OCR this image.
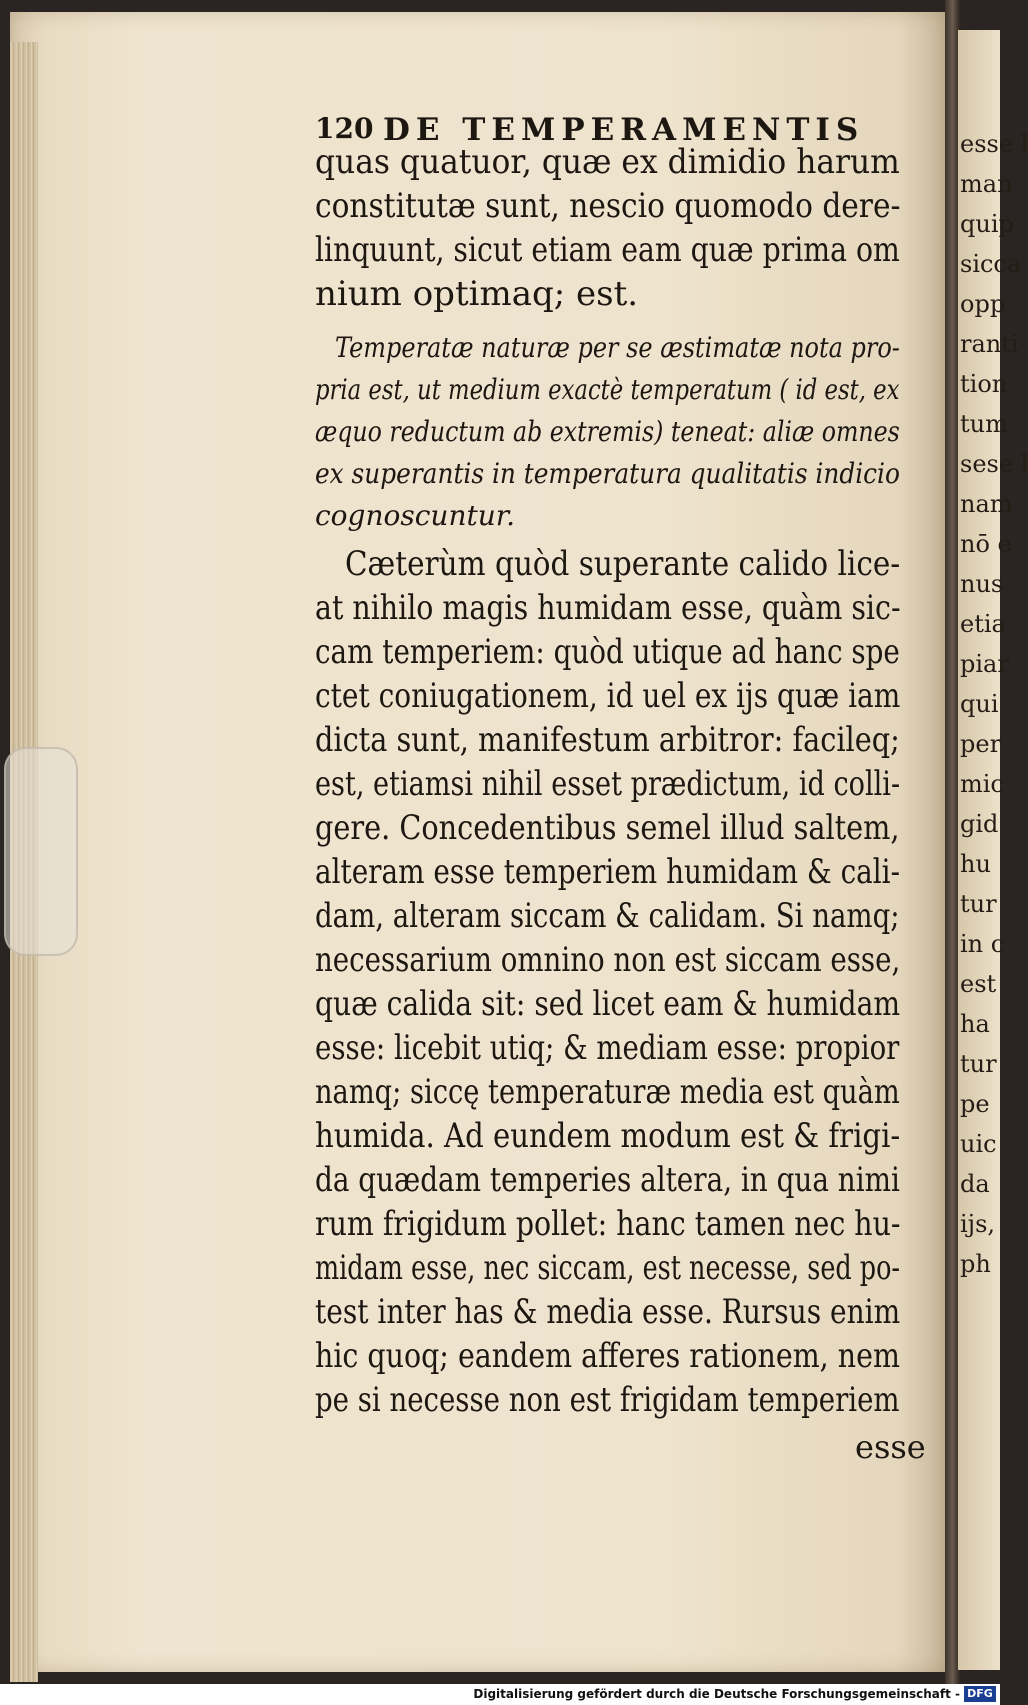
esse l
man
quip
sicca
opp
ranti
tion
tum
sese l
nam
nō e
nus
etia
piar
qui
per
mic
gid
hu
tur
in c
est
ha
tur
pe
uic
da
ijs,
ph
120 DE TEMPERAMENTIS
esse
quas quatuor, quæ ex dimidio harum
constitutæ sunt, nescio quomodo dere-
linquunt, sicut etiam eam quæ prima om
nium optimaq; est.
Temperatæ naturæ per se æstimatæ nota pro-
pria est, ut medium exactè temperatum ( id est, ex
æquo reductum ab extremis) teneat: aliæ omnes
ex superantis in temperatura qualitatis indicio
cognoscuntur.
Cæterùm quòd superante calido lice-
at nihilo magis humidam esse, quàm sic-
cam temperiem: quòd utique ad hanc spe
ctet coniugationem, id uel ex ijs quæ iam
dicta sunt, manifestum arbitror: facileq;
est, etiamsi nihil esset prædictum, id colli-
gere. Concedentibus semel illud saltem,
alteram esse temperiem humidam & cali-
dam, alteram siccam & calidam. Si namq;
necessarium omnino non est siccam esse,
quæ calida sit: sed licet eam & humidam
esse: licebit utiq; & mediam esse: propior
namq; siccę temperaturæ media est quàm
humida. Ad eundem modum est & frigi-
da quædam temperies altera, in qua nimi
rum frigidum pollet: hanc tamen nec hu-
midam esse, nec siccam, est necesse, sed po-
test inter has & media esse. Rursus enim
hic quoq; eandem afferes rationem, nem
pe si necesse non est frigidam temperiem
Digitalisierung gefördert durch die Deutsche Forschungsgemeinschaft - DFG
